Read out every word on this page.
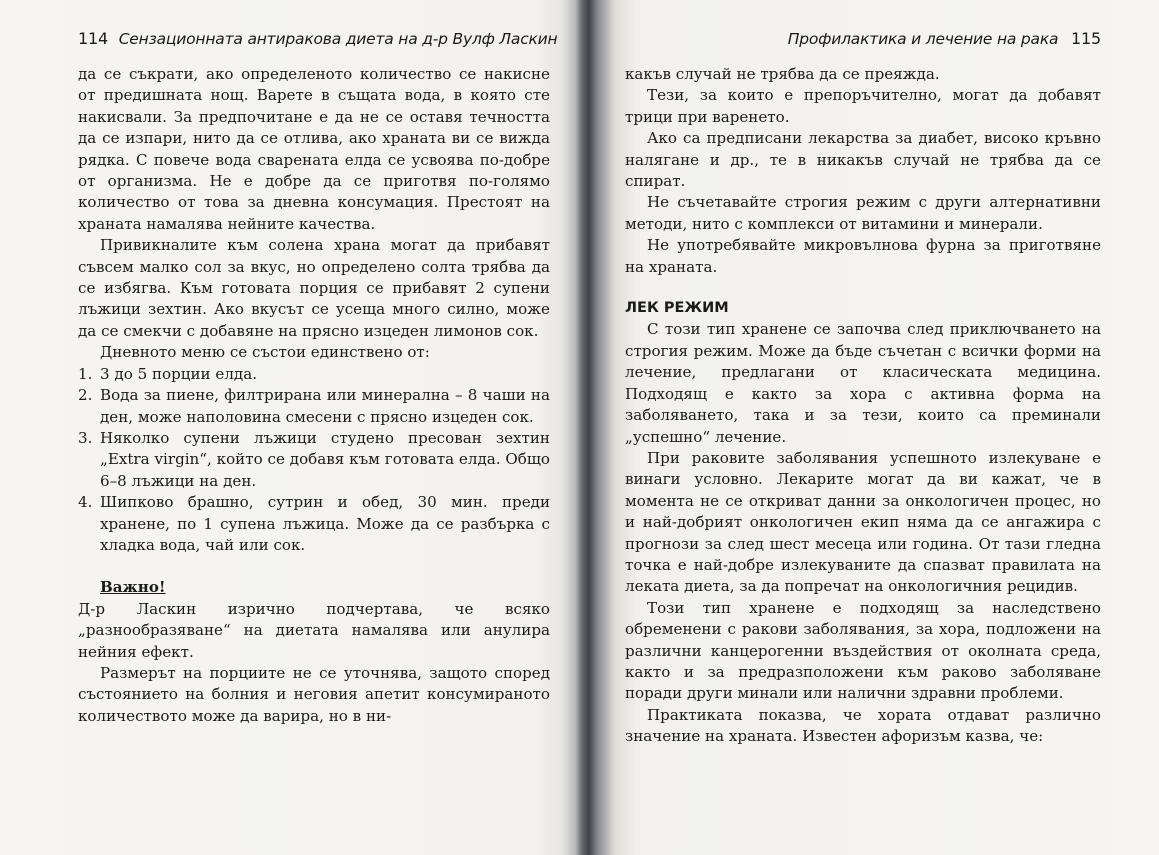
114 Сензационната антиракова диета на д-р Вулф Ласкин

да се съкрати, ако определеното количество се накисне от предишната нощ. Варете в същата вода, в която сте накисвали. За предпочитане е да не се оставя течността да се изпари, нито да се отлива, ако храната ви се вижда рядка. С повече вода сварената елда се усвоява по-добре от организма. Не е добре да се приготвя по-голямо количество от това за дневна консумация. Престоят на храната намалява нейните качества.

Привикналите към солена храна могат да прибавят съвсем малко сол за вкус, но определено солта трябва да се избягва. Към готовата порция се прибавят 2 супени лъжици зехтин. Ако вкусът се усеща много силно, може да се смекчи с добавяне на прясно изцеден лимонов сок.

Дневното меню се състои единствено от:

1. 3 до 5 порции елда.
2. Вода за пиене, филтрирана или минерална – 8 чаши на ден, може наполовина смесени с прясно изцеден сок.
3. Няколко супени лъжици студено пресован зехтин „Extra virgin“, който се добавя към готовата елда. Общо 6–8 лъжици на ден.
4. Шипково брашно, сутрин и обед, 30 мин. преди хранене, по 1 супена лъжица. Може да се разбърка с хладка вода, чай или сок.

Важно!

Д-р Ласкин изрично подчертава, че всяко „разнообразяване“ на диетата намалява или анулира нейния ефект.

Размерът на порциите не се уточнява, защото според състоянието на болния и неговия апетит консумираното количеството може да варира, но в ни-

Профилактика и лечение на рака 115

какъв случай не трябва да се преяжда.

Тези, за които е препоръчително, могат да добавят трици при варенето.

Ако са предписани лекарства за диабет, високо кръвно налягане и др., те в никакъв случай не трябва да се спират.

Не съчетавайте строгия режим с други алтернативни методи, нито с комплекси от витамини и минерали.

Не употребявайте микровълнова фурна за приготвяне на храната.

ЛЕК РЕЖИМ

С този тип хранене се започва след приключването на строгия режим. Може да бъде съчетан с всички форми на лечение, предлагани от класическата медицина. Подходящ е както за хора с активна форма на заболяването, така и за тези, които са преминали „успешно“ лечение.

При раковите заболявания успешното излекуване е винаги условно. Лекарите могат да ви кажат, че в момента не се откриват данни за онкологичен процес, но и най-добрият онкологичен екип няма да се ангажира с прогнози за след шест месеца или година. От тази гледна точка е най-добре излекуваните да спазват правилата на леката диета, за да попречат на онкологичния рецидив.

Този тип хранене е подходящ за наследствено обременени с ракови заболявания, за хора, подложени на различни канцерогенни въздействия от околната среда, както и за предразположени към раково заболяване поради други минали или налични здравни проблеми.

Практиката показва, че хората отдават различно значение на храната. Известен афоризъм казва, че:
